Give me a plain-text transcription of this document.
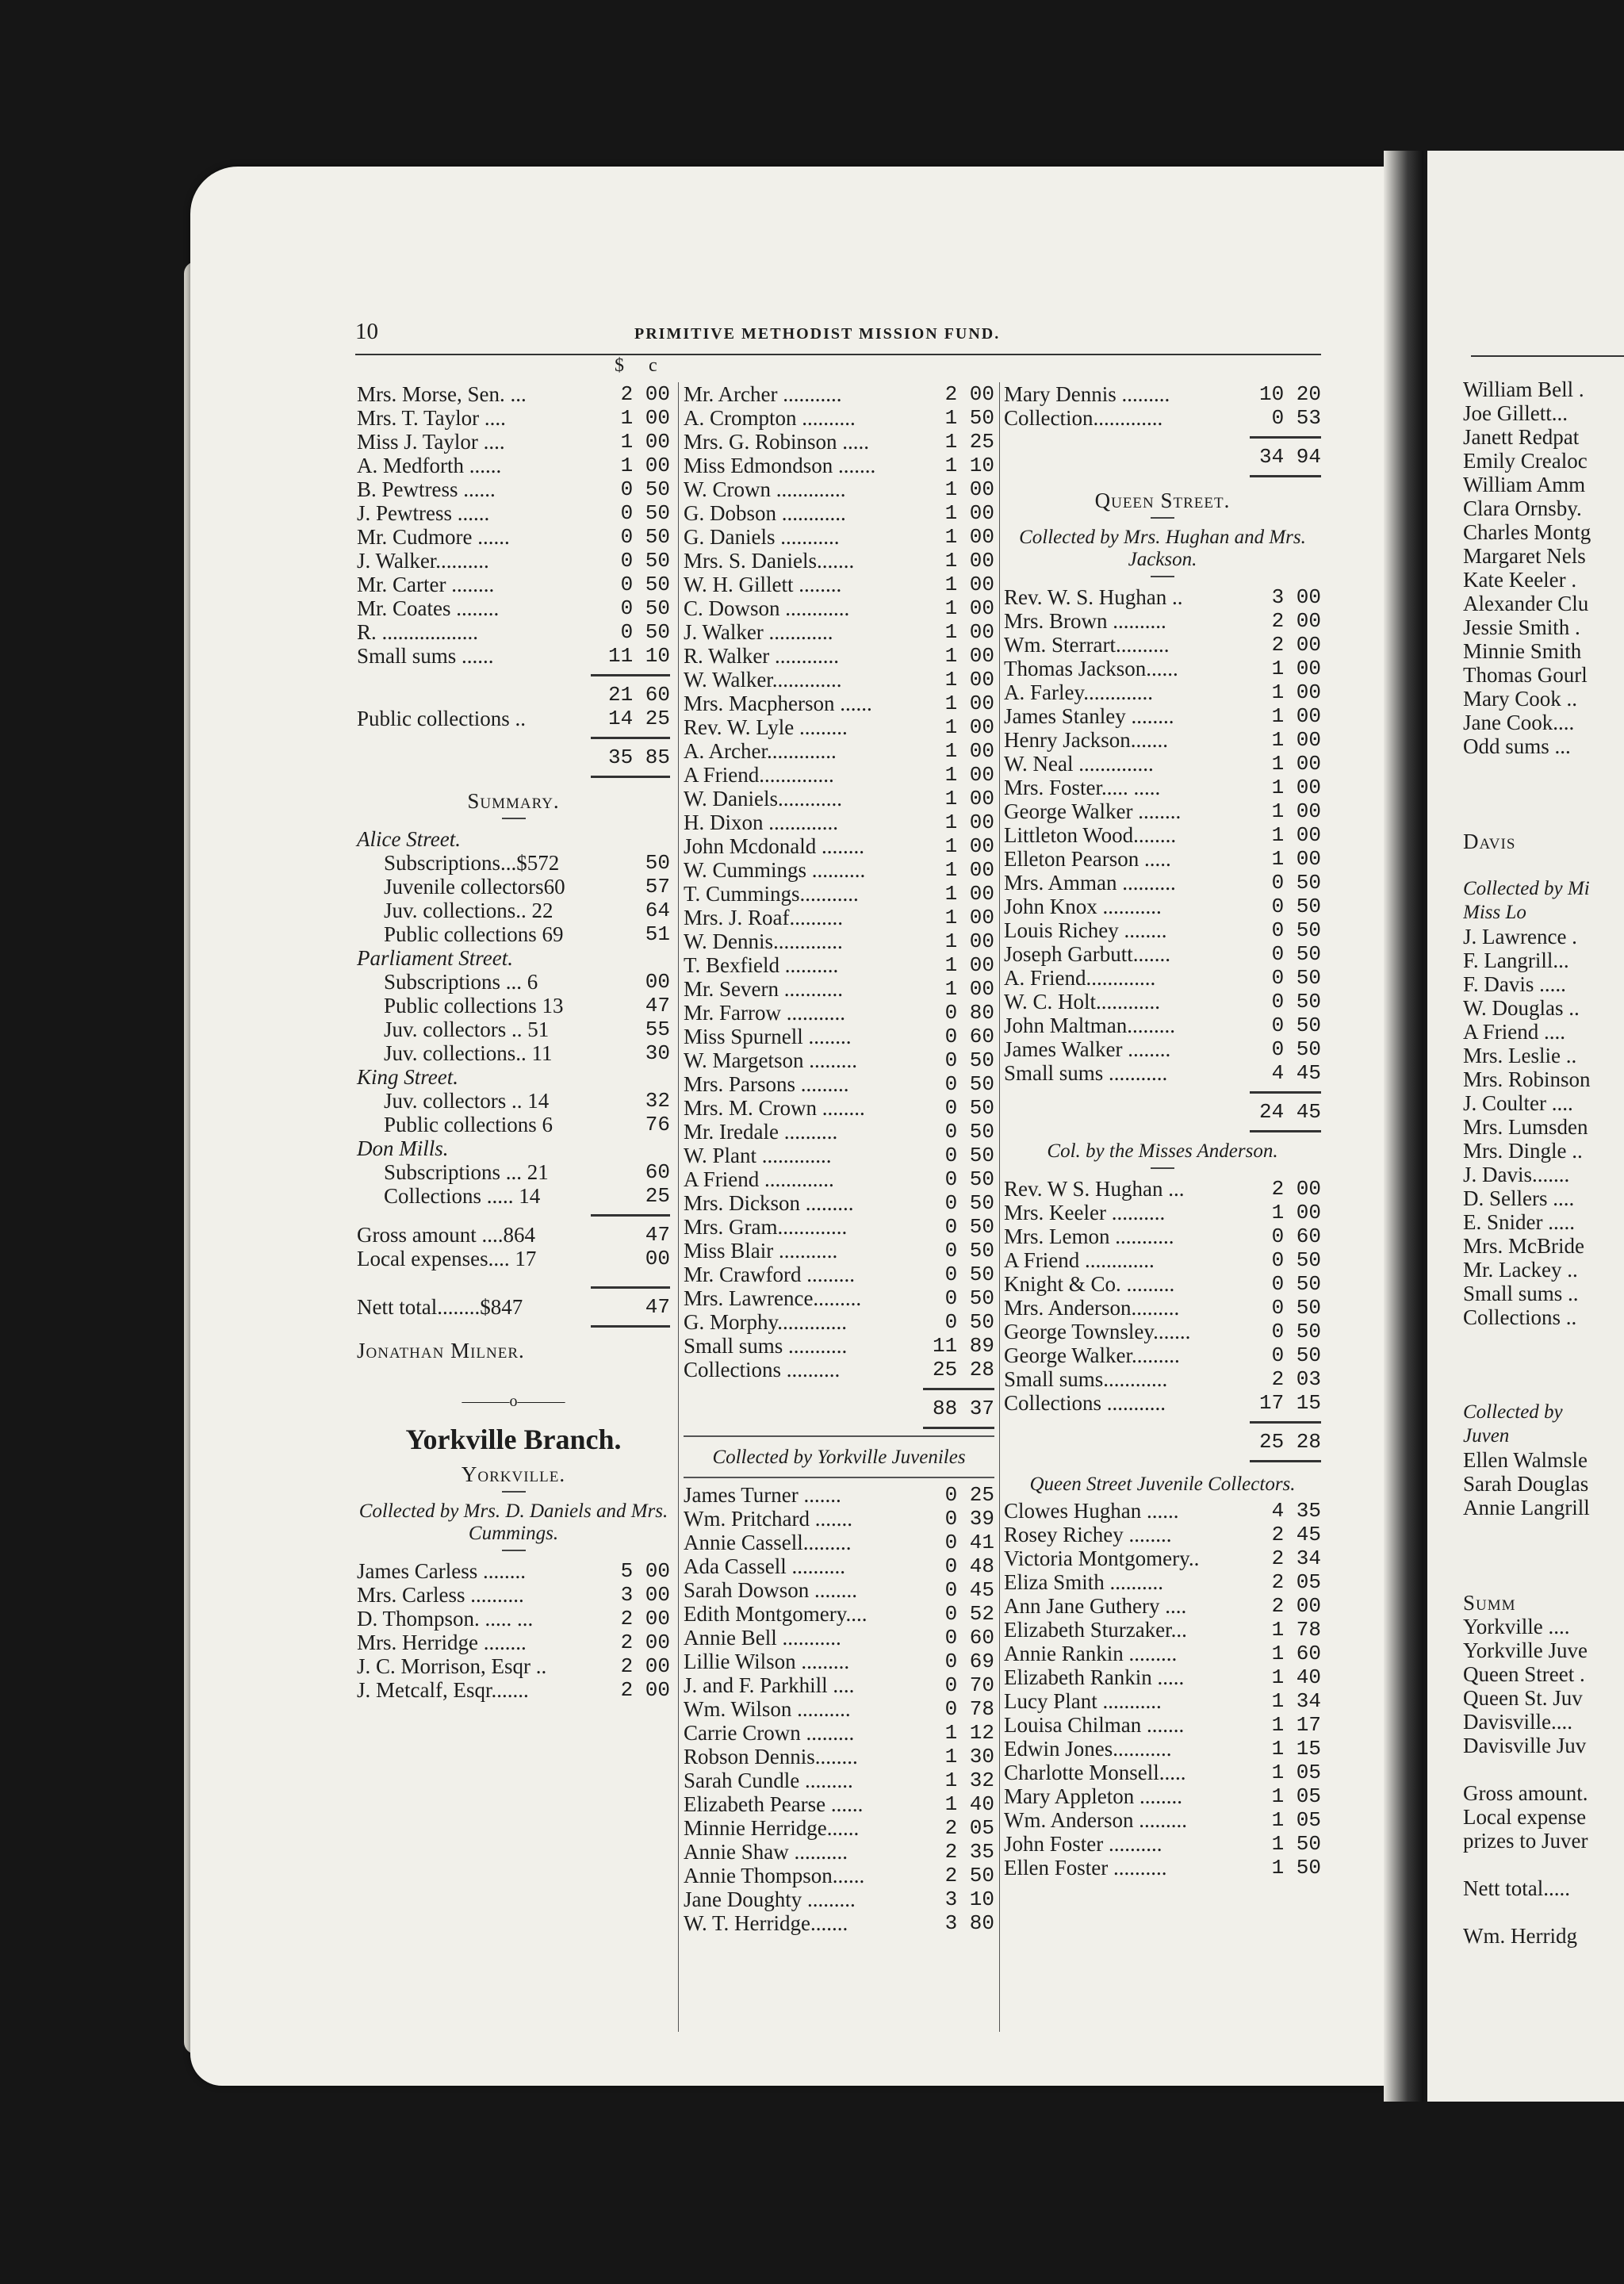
10	PRIMITIVE METHODIST MISSION FUND.
$ c
Mrs. Morse, Sen. ...	2 00
Mrs. T. Taylor ....	1 00
Miss J. Taylor ....	1 00
A. Medforth ......	1 00
B. Pewtress ......	0 50
J. Pewtress ......	0 50
Mr. Cudmore ......	0 50
J. Walker..........	0 50
Mr. Carter ........	0 50
Mr. Coates ........	0 50
R. ..................	0 50
Small sums ......	11 10
21 60
Public collections ..	14 25
35 85
Summary.
Alice Street.
Subscriptions...$572	50
Juvenile collectors60	57
Juv. collections.. 22	64
Public collections 69	51
Parliament Street.
Subscriptions ... 6	00
Public collections 13	47
Juv. collectors .. 51	55
Juv. collections.. 11	30
King Street.
Juv. collectors .. 14	32
Public collections 6	76
Don Mills.
Subscriptions ... 21	60
Collections ..... 14	25
Gross amount ....864	47
Local expenses.... 17	00
Nett total........$847	47
Jonathan Milner.
———o———
Yorkville Branch.
Yorkville.
Collected by Mrs. D. Daniels and Mrs. Cummings.
James Carless ........	5 00
Mrs. Carless ..........	3 00
D. Thompson. ..... ...	2 00
Mrs. Herridge ........	2 00
J. C. Morrison, Esqr ..	2 00
J. Metcalf, Esqr.......	2 00
Mr. Archer ...........	2 00
A. Crompton ..........	1 50
Mrs. G. Robinson .....	1 25
Miss Edmondson .......	1 10
W. Crown .............	1 00
G. Dobson ............	1 00
G. Daniels ...........	1 00
Mrs. S. Daniels.......	1 00
W. H. Gillett ........	1 00
C. Dowson ............	1 00
J. Walker ............	1 00
R. Walker ............	1 00
W. Walker.............	1 00
Mrs. Macpherson ......	1 00
Rev. W. Lyle .........	1 00
A. Archer.............	1 00
A Friend..............	1 00
W. Daniels............	1 00
H. Dixon .............	1 00
John Mcdonald ........	1 00
W. Cummings ..........	1 00
T. Cummings...........	1 00
Mrs. J. Roaf..........	1 00
W. Dennis.............	1 00
T. Bexfield ..........	1 00
Mr. Severn ...........	1 00
Mr. Farrow ...........	0 80
Miss Spurnell ........	0 60
W. Margetson .........	0 50
Mrs. Parsons .........	0 50
Mrs. M. Crown ........	0 50
Mr. Iredale ..........	0 50
W. Plant .............	0 50
A Friend .............	0 50
Mrs. Dickson .........	0 50
Mrs. Gram.............	0 50
Miss Blair ...........	0 50
Mr. Crawford .........	0 50
Mrs. Lawrence.........	0 50
G. Morphy.............	0 50
Small sums ...........	11 89
Collections ..........	25 28
88 37
Collected by Yorkville Juveniles
James Turner .......	0 25
Wm. Pritchard .......	0 39
Annie Cassell.........	0 41
Ada Cassell ..........	0 48
Sarah Dowson ........	0 45
Edith Montgomery....	0 52
Annie Bell ...........	0 60
Lillie Wilson .........	0 69
J. and F. Parkhill ....	0 70
Wm. Wilson ..........	0 78
Carrie Crown .........	1 12
Robson Dennis........	1 30
Sarah Cundle .........	1 32
Elizabeth Pearse ......	1 40
Minnie Herridge......	2 05
Annie Shaw ..........	2 35
Annie Thompson......	2 50
Jane Doughty .........	3 10
W. T. Herridge.......	3 80
Mary Dennis .........	10 20
Collection.............	0 53
34 94
Queen Street.
Collected by Mrs. Hughan and Mrs. Jackson.
Rev. W. S. Hughan ..	3 00
Mrs. Brown ..........	2 00
Wm. Sterrart..........	2 00
Thomas Jackson......	1 00
A. Farley.............	1 00
James Stanley ........	1 00
Henry Jackson.......	1 00
W. Neal ..............	1 00
Mrs. Foster..... .....	1 00
George Walker ........	1 00
Littleton Wood........	1 00
Elleton Pearson .....	1 00
Mrs. Amman ..........	0 50
John Knox ...........	0 50
Louis Richey ........	0 50
Joseph Garbutt.......	0 50
A. Friend.............	0 50
W. C. Holt............	0 50
John Maltman.........	0 50
James Walker ........	0 50
Small sums ...........	4 45
24 45
Col. by the Misses Anderson.
Rev. W S. Hughan ...	2 00
Mrs. Keeler ..........	1 00
Mrs. Lemon ...........	0 60
A Friend .............	0 50
Knight & Co. .........	0 50
Mrs. Anderson.........	0 50
George Townsley.......	0 50
George Walker.........	0 50
Small sums............	2 03
Collections ...........	17 15
25 28
Queen Street Juvenile Collectors.
Clowes Hughan ......	4 35
Rosey Richey ........	2 45
Victoria Montgomery..	2 34
Eliza Smith ..........	2 05
Ann Jane Guthery ....	2 00
Elizabeth Sturzaker...	1 78
Annie Rankin .........	1 60
Elizabeth Rankin .....	1 40
Lucy Plant ...........	1 34
Louisa Chilman .......	1 17
Edwin Jones...........	1 15
Charlotte Monsell.....	1 05
Mary Appleton ........	1 05
Wm. Anderson .........	1 05
John Foster ..........	1 50
Ellen Foster ..........	1 50
William Bell .
Joe Gillett...
Janett Redpat
Emily Crealoc
William Amm
Clara Ornsby.
Charles Montg
Margaret Nels
Kate Keeler .
Alexander Clu
Jessie Smith .
Minnie Smith
Thomas Gourl
Mary Cook ..
Jane Cook....
Odd sums ...
Davis
Collected by Mi
Miss Lo
J. Lawrence .
F. Langrill...
F. Davis .....
W. Douglas ..
A Friend ....
Mrs. Leslie ..
Mrs. Robinson
J. Coulter ....
Mrs. Lumsden
Mrs. Dingle ..
J. Davis.......
D. Sellers ....
E. Snider .....
Mrs. McBride
Mr. Lackey ..
Small sums ..
Collections ..
Collected by
Juven
Ellen Walmsle
Sarah Douglas
Annie Langrill
Summ
Yorkville ....
Yorkville Juve
Queen Street .
Queen St. Juv
Davisville....
Davisville Juv
Gross amount.
Local expense
prizes to Juver
Nett total.....
Wm. Herridg
